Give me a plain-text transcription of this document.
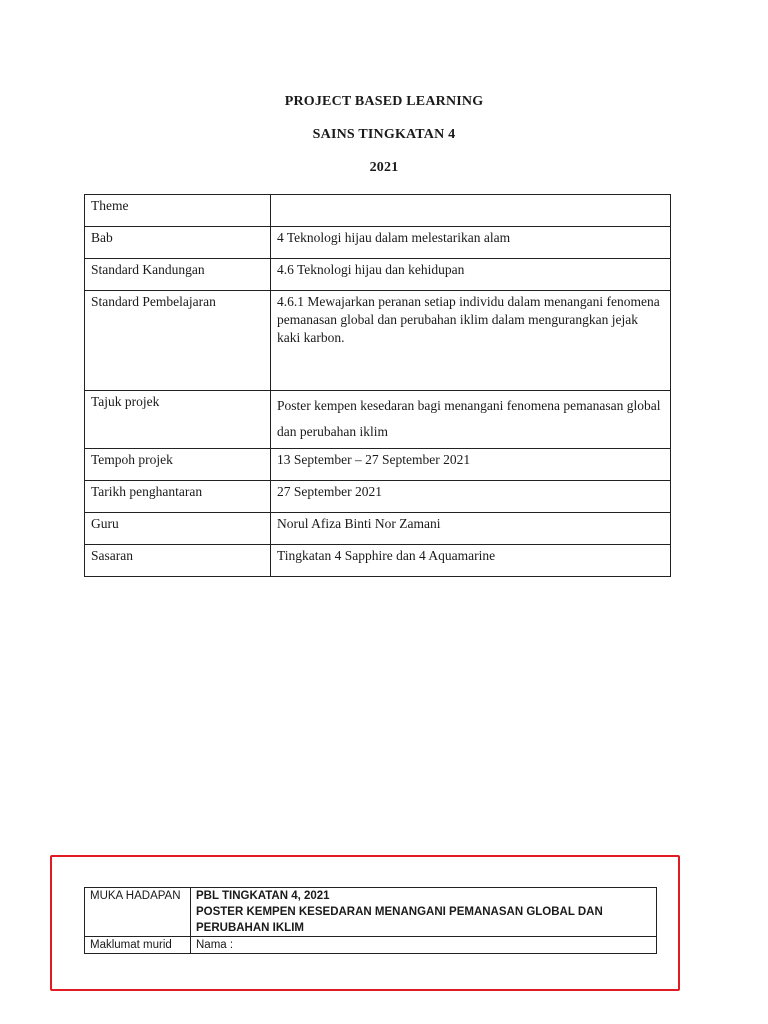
PROJECT BASED LEARNING
SAINS TINGKATAN 4
2021
Theme	
Bab	4 Teknologi hijau dalam melestarikan alam
Standard Kandungan	4.6 Teknologi hijau dan kehidupan
Standard Pembelajaran	4.6.1 Mewajarkan peranan setiap individu dalam menangani fenomena pemanasan global dan perubahan iklim dalam mengurangkan jejak kaki karbon.
Tajuk projek	Poster kempen kesedaran bagi menangani fenomena pemanasan global dan perubahan iklim
Tempoh projek	13 September – 27 September 2021
Tarikh penghantaran	27 September 2021
Guru	Norul Afiza Binti Nor Zamani
Sasaran	Tingkatan 4 Sapphire dan 4 Aquamarine
MUKA HADAPAN	PBL TINGKATAN 4, 2021
POSTER KEMPEN KESEDARAN MENANGANI PEMANASAN GLOBAL DAN PERUBAHAN IKLIM

Maklumat murid	Nama :
